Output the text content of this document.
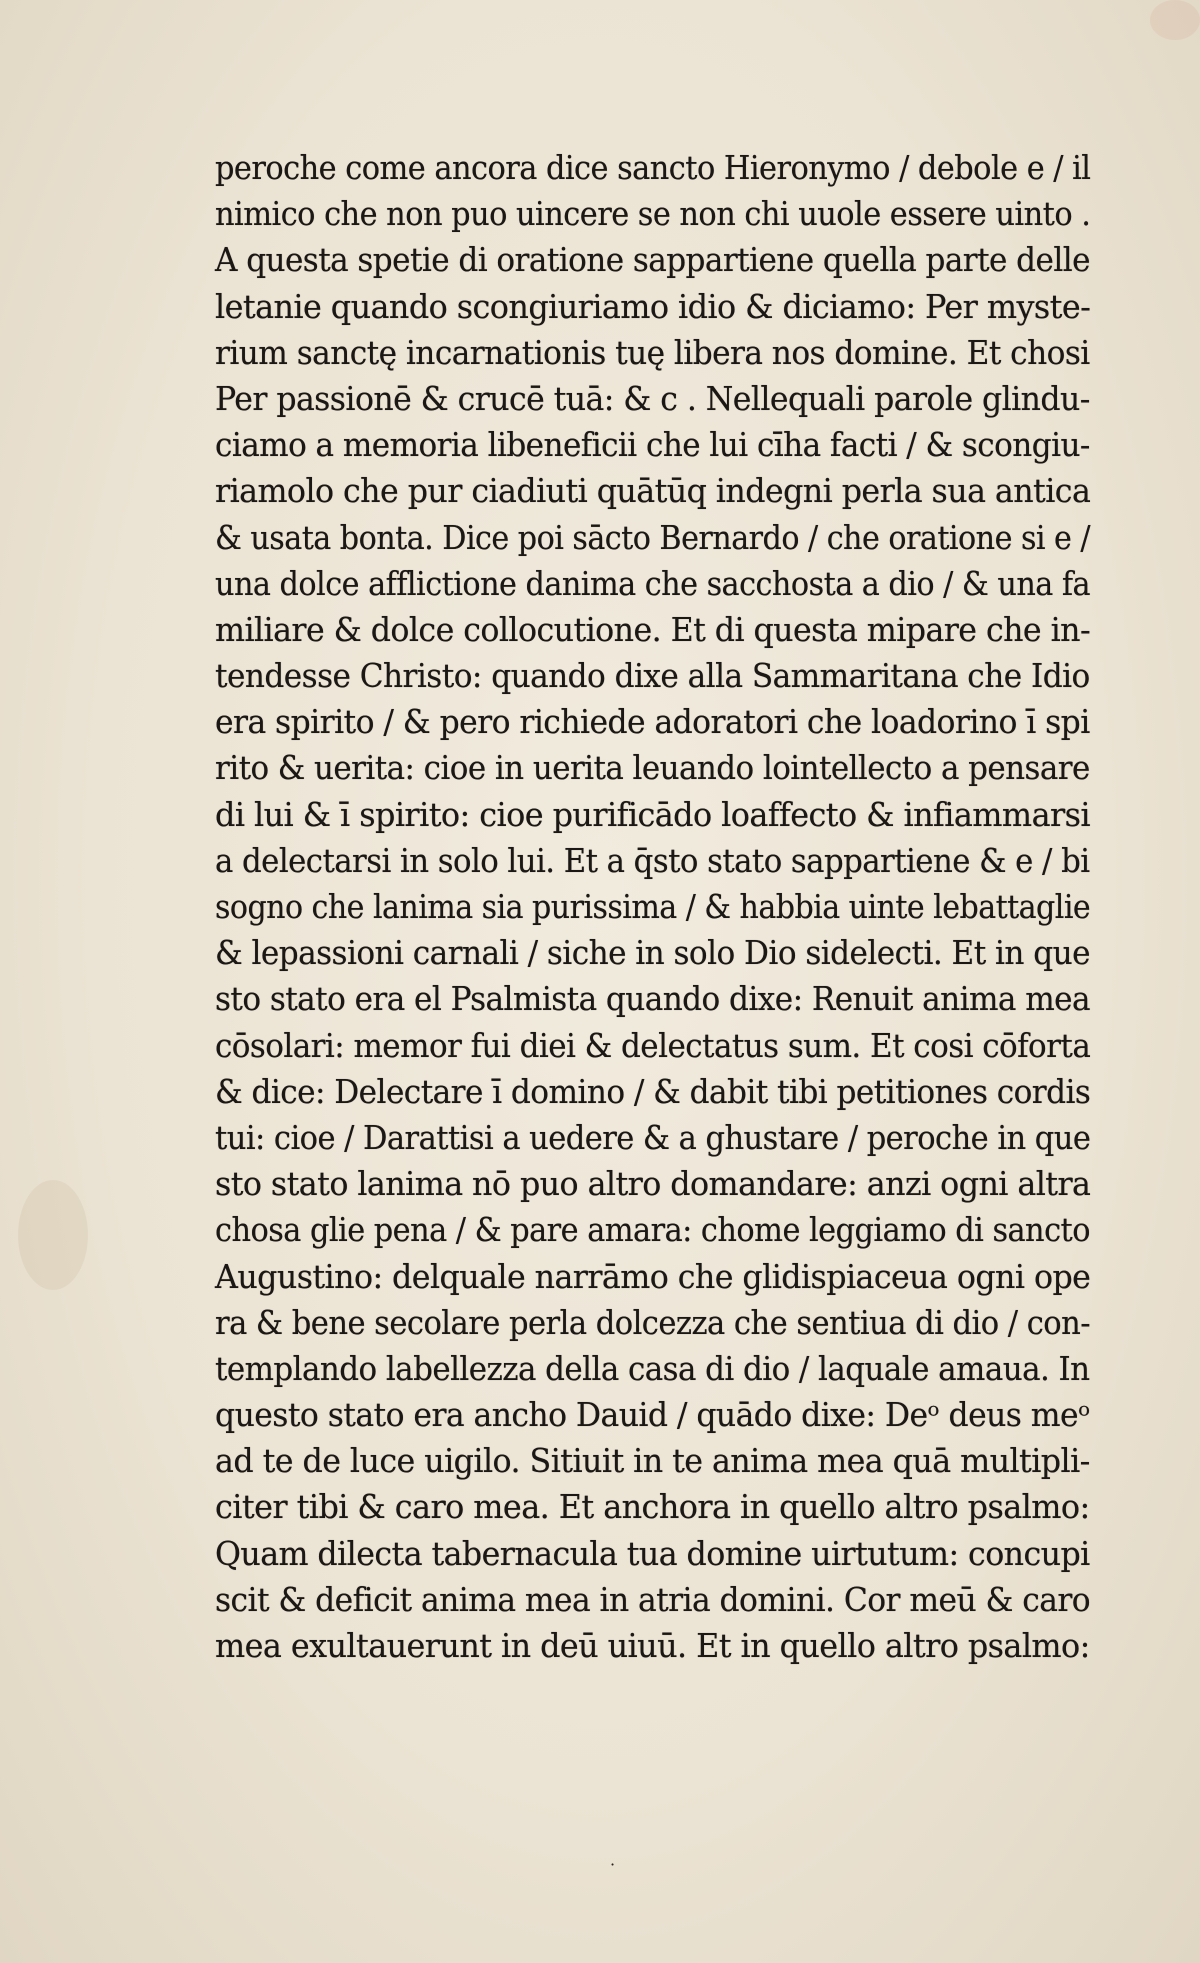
peroche come ancora dice sancto Hieronymo / debole e / il
nimico che non puo uincere se non chi uuole essere uinto .
A questa spetie di oratione sappartiene quella parte delle
letanie quando scongiuriamo idio & diciamo: Per myste-
rium sanctę incarnationis tuę libera nos domine. Et chosi
Per passionē & crucē tuā: & c . Nellequali parole glindu-
ciamo a memoria libeneficii che lui cīha facti / & scongiu-
riamolo che pur ciadiuti quātūq indegni perla sua antica
& usata bonta. Dice poi sācto Bernardo / che oratione si e /
una dolce afflictione danima che sacchosta a dio / & una fa
miliare & dolce collocutione. Et di questa mipare che in-
tendesse Christo: quando dixe alla Sammaritana che Idio
era spirito / & pero richiede adoratori che loadorino ī spi
rito & uerita: cioe in uerita leuando lointellecto a pensare
di lui & ī spirito: cioe purificādo loaffecto & infiammarsi
a delectarsi in solo lui. Et a q̄sto stato sappartiene & e / bi
sogno che lanima sia purissima / & habbia uinte lebattaglie
& lepassioni carnali / siche in solo Dio sidelecti. Et in que
sto stato era el Psalmista quando dixe: Renuit anima mea
cōsolari: memor fui diei & delectatus sum. Et cosi cōforta
& dice: Delectare ī domino / & dabit tibi petitiones cordis
tui: cioe / Darattisi a uedere & a ghustare / peroche in que
sto stato lanima nō puo altro domandare: anzi ogni altra
chosa glie pena / & pare amara: chome leggiamo di sancto
Augustino: delquale narrāmo che glidispiaceua ogni ope
ra & bene secolare perla dolcezza che sentiua di dio / con-
templando labellezza della casa di dio / laquale amaua. In
questo stato era ancho Dauid / quādo dixe: Deᵒ deus meᵒ
ad te de luce uigilo. Sitiuit in te anima mea quā multipli-
citer tibi & caro mea. Et anchora in quello altro psalmo:
Quam dilecta tabernacula tua domine uirtutum: concupi
scit & deficit anima mea in atria domini. Cor meū & caro
mea exultauerunt in deū uiuū. Et in quello altro psalmo:
·
